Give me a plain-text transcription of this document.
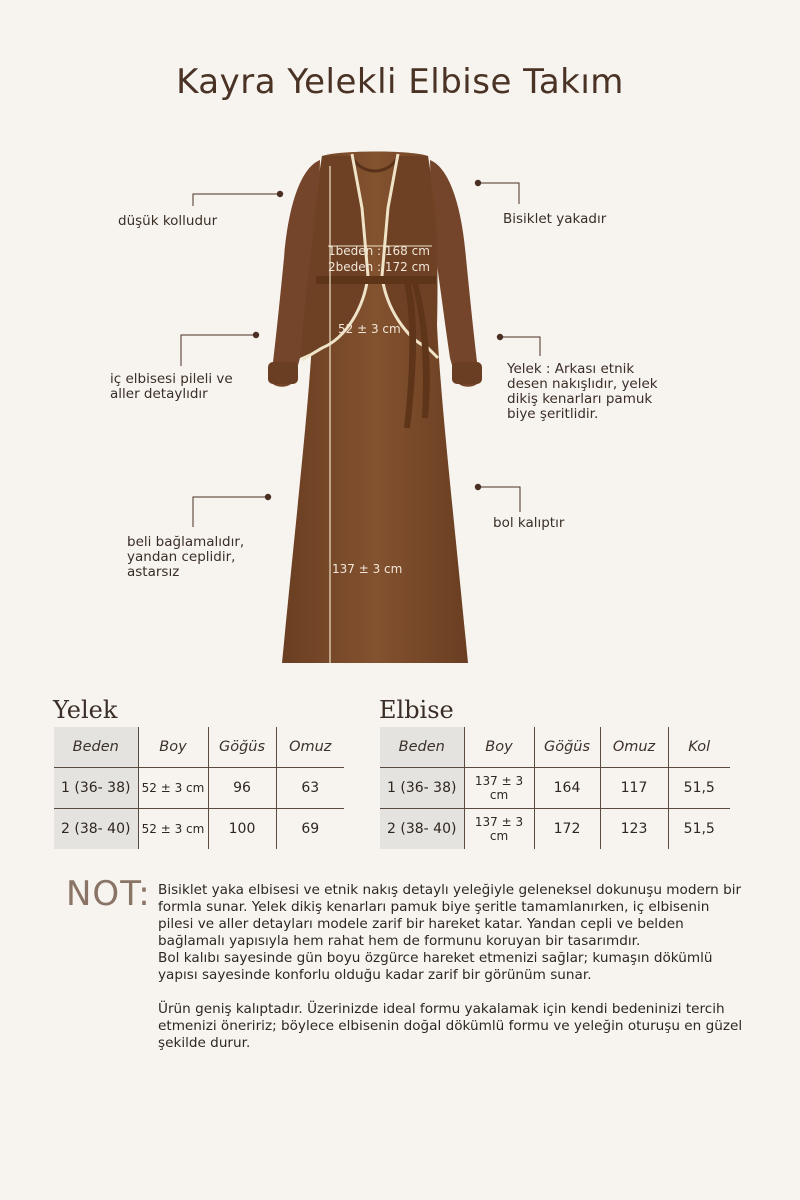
Kayra Yelekli Elbise Takım
1beden : 168 cm
2beden : 172 cm
52 ± 3 cm
137 ± 3 cm
düşük kolludur
iç elbisesi pileli ve
aller detaylıdır
beli bağlamalıdır,
yandan ceplidir,
astarsız
Bisiklet yakadır
Yelek : Arkası etnik
desen nakışlıdır, yelek
dikiş kenarları pamuk
biye şeritlidir.
bol kalıptır
Yelek
Beden	Boy	Göğüs	Omuz
1 (36- 38)	52 ± 3 cm	96	63
2 (38- 40)	52 ± 3 cm	100	69
Elbise
Beden	Boy	Göğüs	Omuz	Kol
1 (36- 38)	137 ± 3 cm	164	117	51,5
2 (38- 40)	137 ± 3 cm	172	123	51,5
NOT: Bisiklet yaka elbisesi ve etnik nakış detaylı yeleğiyle geleneksel dokunuşu modern bir formla sunar. Yelek dikiş kenarları pamuk biye şeritle tamamlanırken, iç elbisenin pilesi ve aller detayları modele zarif bir hareket katar. Yandan cepli ve belden bağlamalı yapısıyla hem rahat hem de formunu koruyan bir tasarımdır.

Bol kalıbı sayesinde gün boyu özgürce hareket etmenizi sağlar; kumaşın dökümlü yapısı sayesinde konforlu olduğu kadar zarif bir görünüm sunar.

Ürün geniş kalıptadır. Üzerinizde ideal formu yakalamak için kendi bedeninizi tercih etmenizi öneririz; böylece elbisenin doğal dökümlü formu ve yeleğin oturuşu en güzel şekilde durur.
